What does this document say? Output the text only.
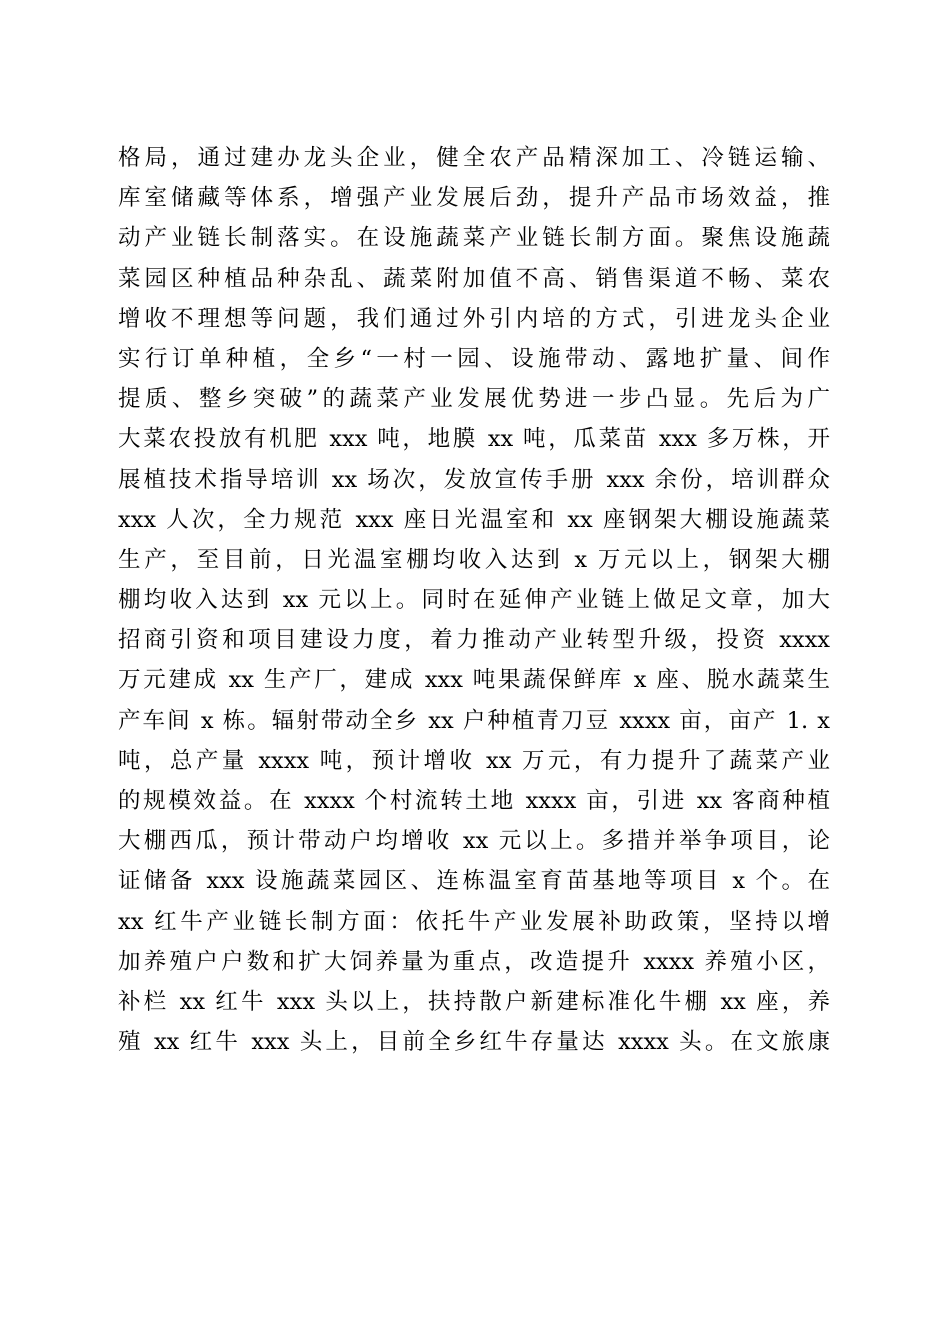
格局，通过建办龙头企业，健全农产品精深加工、冷链运输、
库室储藏等体系，增强产业发展后劲，提升产品市场效益，推
动产业链长制落实。在设施蔬菜产业链长制方面。聚焦设施蔬
菜园区种植品种杂乱、蔬菜附加值不高、销售渠道不畅、菜农
增收不理想等问题，我们通过外引内培的方式，引进龙头企业
实行订单种植，全乡“一村一园、设施带动、露地扩量、间作
提质、整乡突破”的蔬菜产业发展优势进一步凸显。先后为广
大菜农投放有机肥 xxx 吨，地膜 xx 吨，瓜菜苗 xxx 多万株，开
展植技术指导培训 xx 场次，发放宣传手册 xxx 余份，培训群众
xxx 人次，全力规范 xxx 座日光温室和 xx 座钢架大棚设施蔬菜
生产，至目前，日光温室棚均收入达到 x 万元以上，钢架大棚
棚均收入达到 xx 元以上。同时在延伸产业链上做足文章，加大
招商引资和项目建设力度，着力推动产业转型升级，投资 xxxx
万元建成 xx 生产厂，建成 xxx 吨果蔬保鲜库 x 座、脱水蔬菜生
产车间 x 栋。辐射带动全乡 xx 户种植青刀豆 xxxx 亩，亩产 1. x
吨，总产量 xxxx 吨，预计增收 xx 万元，有力提升了蔬菜产业
的规模效益。在 xxxx 个村流转土地 xxxx 亩，引进 xx 客商种植
大棚西瓜，预计带动户均增收 xx 元以上。多措并举争项目，论
证储备 xxx 设施蔬菜园区、连栋温室育苗基地等项目 x 个。在
xx 红牛产业链长制方面：依托牛产业发展补助政策，坚持以增
加养殖户户数和扩大饲养量为重点，改造提升 xxxx 养殖小区，
补栏 xx 红牛 xxx 头以上，扶持散户新建标准化牛棚 xx 座，养
殖 xx 红牛 xxx 头上，目前全乡红牛存量达 xxxx 头。在文旅康
